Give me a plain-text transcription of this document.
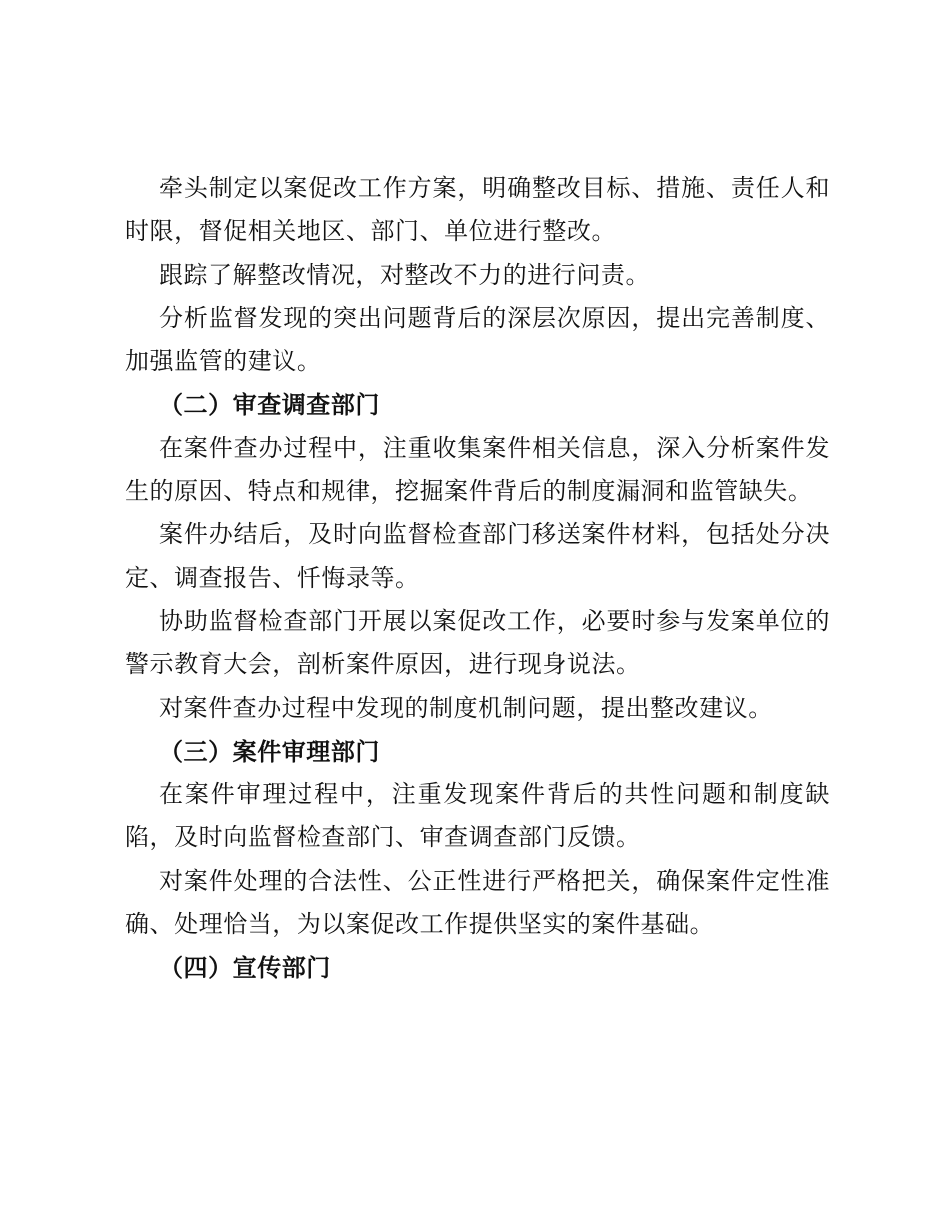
牵头制定以案促改工作方案，明确整改目标、措施、责任人和时限，督促相关地区、部门、单位进行整改。

跟踪了解整改情况，对整改不力的进行问责。

分析监督发现的突出问题背后的深层次原因，提出完善制度、加强监管的建议。

（二）审查调查部门

在案件查办过程中，注重收集案件相关信息，深入分析案件发生的原因、特点和规律，挖掘案件背后的制度漏洞和监管缺失。

案件办结后，及时向监督检查部门移送案件材料，包括处分决定、调查报告、忏悔录等。

协助监督检查部门开展以案促改工作，必要时参与发案单位的警示教育大会，剖析案件原因，进行现身说法。

对案件查办过程中发现的制度机制问题，提出整改建议。

（三）案件审理部门

在案件审理过程中，注重发现案件背后的共性问题和制度缺陷，及时向监督检查部门、审查调查部门反馈。

对案件处理的合法性、公正性进行严格把关，确保案件定性准确、处理恰当，为以案促改工作提供坚实的案件基础。

（四）宣传部门
